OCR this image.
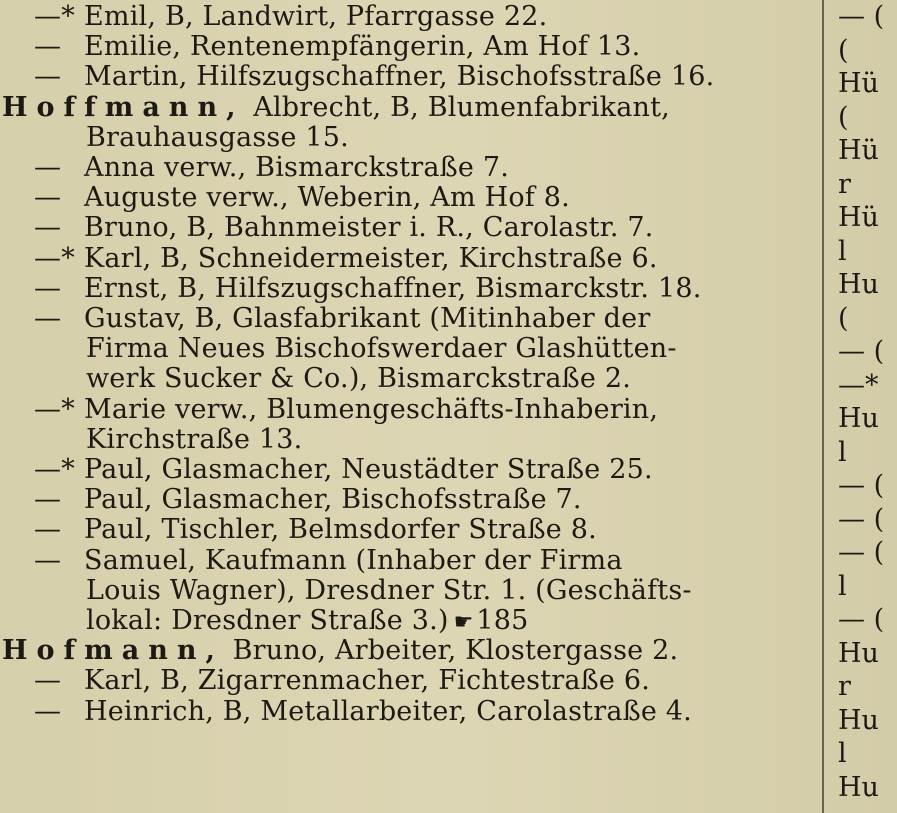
—* Emil, B, Landwirt, Pfarrgasse 22.
— Emilie, Rentenempfängerin, Am Hof 13.
— Martin, Hilfszugschaffner, Bischofsstraße 16.
Hoffmann, Albrecht, B, Blumenfabrikant,
Brauhausgasse 15.
— Anna verw., Bismarckstraße 7.
— Auguste verw., Weberin, Am Hof 8.
— Bruno, B, Bahnmeister i. R., Carolastr. 7.
—* Karl, B, Schneidermeister, Kirchstraße 6.
— Ernst, B, Hilfszugschaffner, Bismarckstr. 18.
— Gustav, B, Glasfabrikant (Mitinhaber der
Firma Neues Bischofswerdaer Glashütten-
werk Sucker & Co.), Bismarckstraße 2.
—* Marie verw., Blumengeschäfts-Inhaberin,
Kirchstraße 13.
—* Paul, Glasmacher, Neustädter Straße 25.
— Paul, Glasmacher, Bischofsstraße 7.
— Paul, Tischler, Belmsdorfer Straße 8.
— Samuel, Kaufmann (Inhaber der Firma
Louis Wagner), Dresdner Str. 1. (Geschäfts-
lokal: Dresdner Straße 3.) ☛ 185
Hofmann, Bruno, Arbeiter, Klostergasse 2.
— Karl, B, Zigarrenmacher, Fichtestraße 6.
— Heinrich, B, Metallarbeiter, Carolastraße 4.
— (
(
Hü
(
Hü
r
Hü
l
Hu
(
— (
—*
Hu
l
— (
— (
— (
l
— (
Hu
r
Hu
l
Hu
